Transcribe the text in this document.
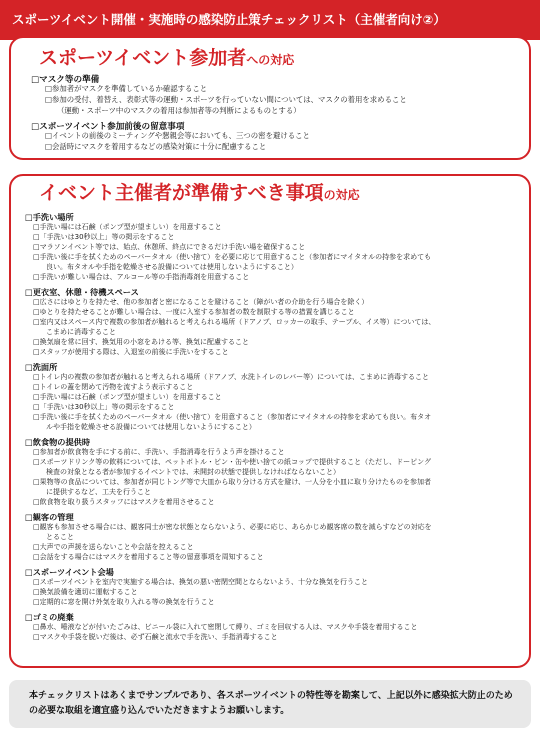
スポーツイベント開催・実施時の感染防止策チェックリスト（主催者向け②）
スポーツイベント参加者への対応
□マスク等の準備
□参加者がマスクを準備しているか確認すること
□参加の受付、着替え、表彰式等の運動・スポーツを行っていない間については、マスクの着用を求めること
（運動・スポーツ中のマスクの着用は参加者等の判断によるものとする）
□スポーツイベント参加前後の留意事項
□イベントの前後のミーティングや懇親会等においても、三つの密を避けること
□会話時にマスクを着用するなどの感染対策に十分に配慮すること
イベント主催者が準備すべき事項の対応
□手洗い場所
□手洗い場には石鹸（ポンプ型が望ましい）を用意すること
□「手洗いは30秒以上」等の掲示をすること
□マラソンイベント等では、始点、休憩所、終点にできるだけ手洗い場を確保すること
□手洗い後に手を拭くためのペーパータオル（使い捨て）を必要に応じて用意すること（参加者にマイタオルの持参を求めても
良い。布タオルや手指を乾燥させる設備については使用しないようにすること）
□手洗いが難しい場合は、アルコール等の手指消毒剤を用意すること
□更衣室、休憩・待機スペース
□広さにはゆとりを持たせ、他の参加者と密になることを避けること（障がい者の介助を行う場合を除く）
□ゆとりを持たせることが難しい場合は、一度に入室する参加者の数を制限する等の措置を講じること
□室内又はスペース内で複数の参加者が触れると考えられる場所（ドアノブ、ロッカーの取手、テーブル、イス等）については、
こまめに消毒すること
□換気扇を常に回す、換気用の小窓をあける等、換気に配慮すること
□スタッフが使用する際は、入退室の前後に手洗いをすること
□洗面所
□トイレ内の複数の参加者が触れると考えられる場所（ドアノブ、水洗トイレのレバー等）については、こまめに消毒すること
□トイレの蓋を閉めて汚物を流すよう表示すること
□手洗い場には石鹸（ポンプ型が望ましい）を用意すること
□「手洗いは30秒以上」等の掲示をすること
□手洗い後に手を拭くためのペーパータオル（使い捨て）を用意すること（参加者にマイタオルの持参を求めても良い。布タオ
ルや手指を乾燥させる設備については使用しないようにすること）
□飲食物の提供時
□参加者が飲食物を手にする前に、手洗い、手指消毒を行うよう声を掛けること
□スポーツドリンク等の飲料については、ペットボトル・ビン・缶や使い捨ての紙コップで提供すること（ただし、ドーピング
検査の対象となる者が参加するイベントでは、未開封の状態で提供しなければならないこと）
□果物等の食品については、参加者が同じトング等で大皿から取り分ける方式を避け、一人分を小皿に取り分けたものを参加者
に提供するなど、工夫を行うこと
□飲食物を取り扱うスタッフにはマスクを着用させること
□観客の管理
□観客も参加させる場合には、観客同士が密な状態とならないよう、必要に応じ、あらかじめ観客席の数を減らすなどの対応を
とること
□大声での声援を送らないことや会話を控えること
□会話をする場合にはマスクを着用すること等の留意事項を周知すること
□スポーツイベント会場
□スポーツイベントを室内で実施する場合は、換気の悪い密閉空間とならないよう、十分な換気を行うこと
□換気設備を適切に運転すること
□定期的に窓を開け外気を取り入れる等の換気を行うこと
□ゴミの廃棄
□鼻水、唾液などが付いたごみは、ビニール袋に入れて密閉して縛り、ゴミを回収する人は、マスクや手袋を着用すること
□マスクや手袋を脱いだ後は、必ず石鹸と流水で手を洗い、手指消毒すること
本チェックリストはあくまでサンプルであり、各スポーツイベントの特性等を勘案して、上記以外に感染拡大防止のための必要な取組を適宜盛り込んでいただきますようお願いします。
